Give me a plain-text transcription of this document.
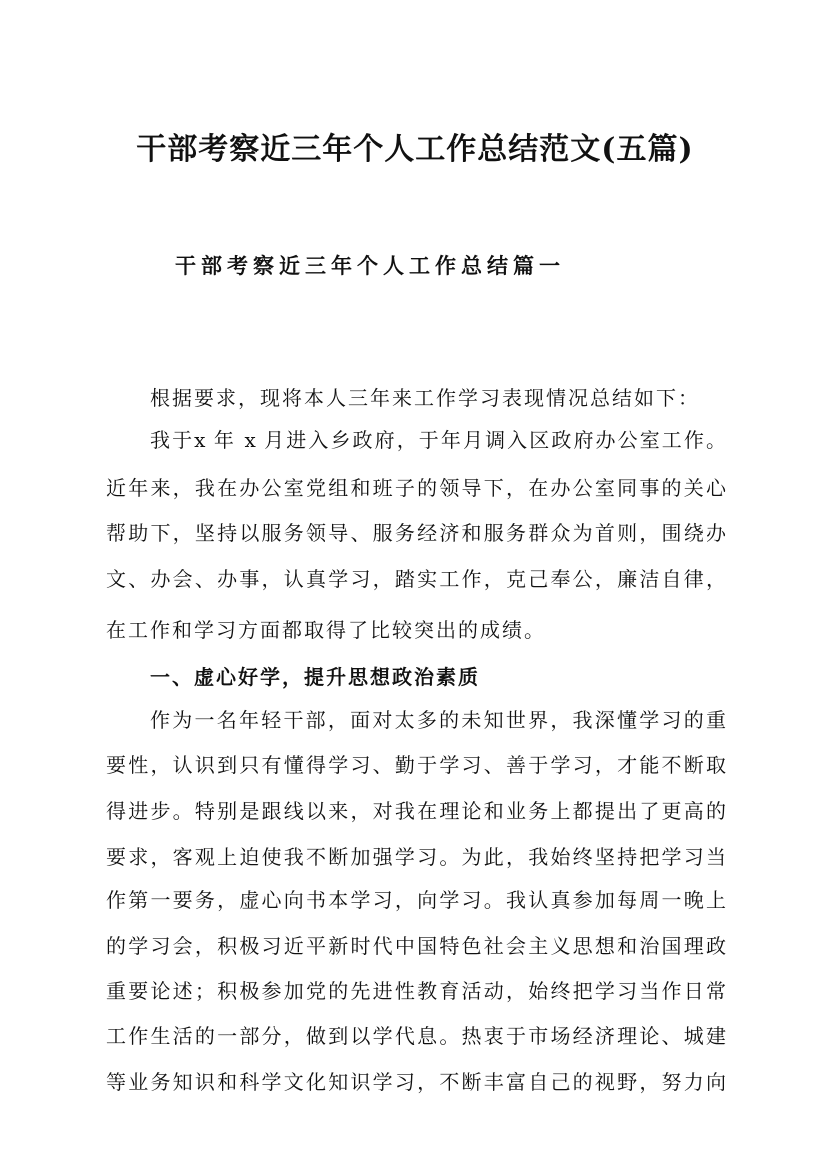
干部考察近三年个人工作总结范文(五篇)
干部考察近三年个人工作总结篇一
根据要求，现将本人三年来工作学习表现情况总结如下：
我于x 年 x 月进入乡政府，于年月调入区政府办公室工作。
近年来，我在办公室党组和班子的领导下，在办公室同事的关心
帮助下，坚持以服务领导、服务经济和服务群众为首则，围绕办
文、办会、办事，认真学习，踏实工作，克己奉公，廉洁自律，
在工作和学习方面都取得了比较突出的成绩。
一、虚心好学，提升思想政治素质
作为一名年轻干部，面对太多的未知世界，我深懂学习的重
要性，认识到只有懂得学习、勤于学习、善于学习，才能不断取
得进步。特别是跟线以来，对我在理论和业务上都提出了更高的
要求，客观上迫使我不断加强学习。为此，我始终坚持把学习当
作第一要务，虚心向书本学习，向学习。我认真参加每周一晚上
的学习会，积极习近平新时代中国特色社会主义思想和治国理政
重要论述；积极参加党的先进性教育活动，始终把学习当作日常
工作生活的一部分，做到以学代息。热衷于市场经济理论、城建
等业务知识和科学文化知识学习，不断丰富自己的视野，努力向
